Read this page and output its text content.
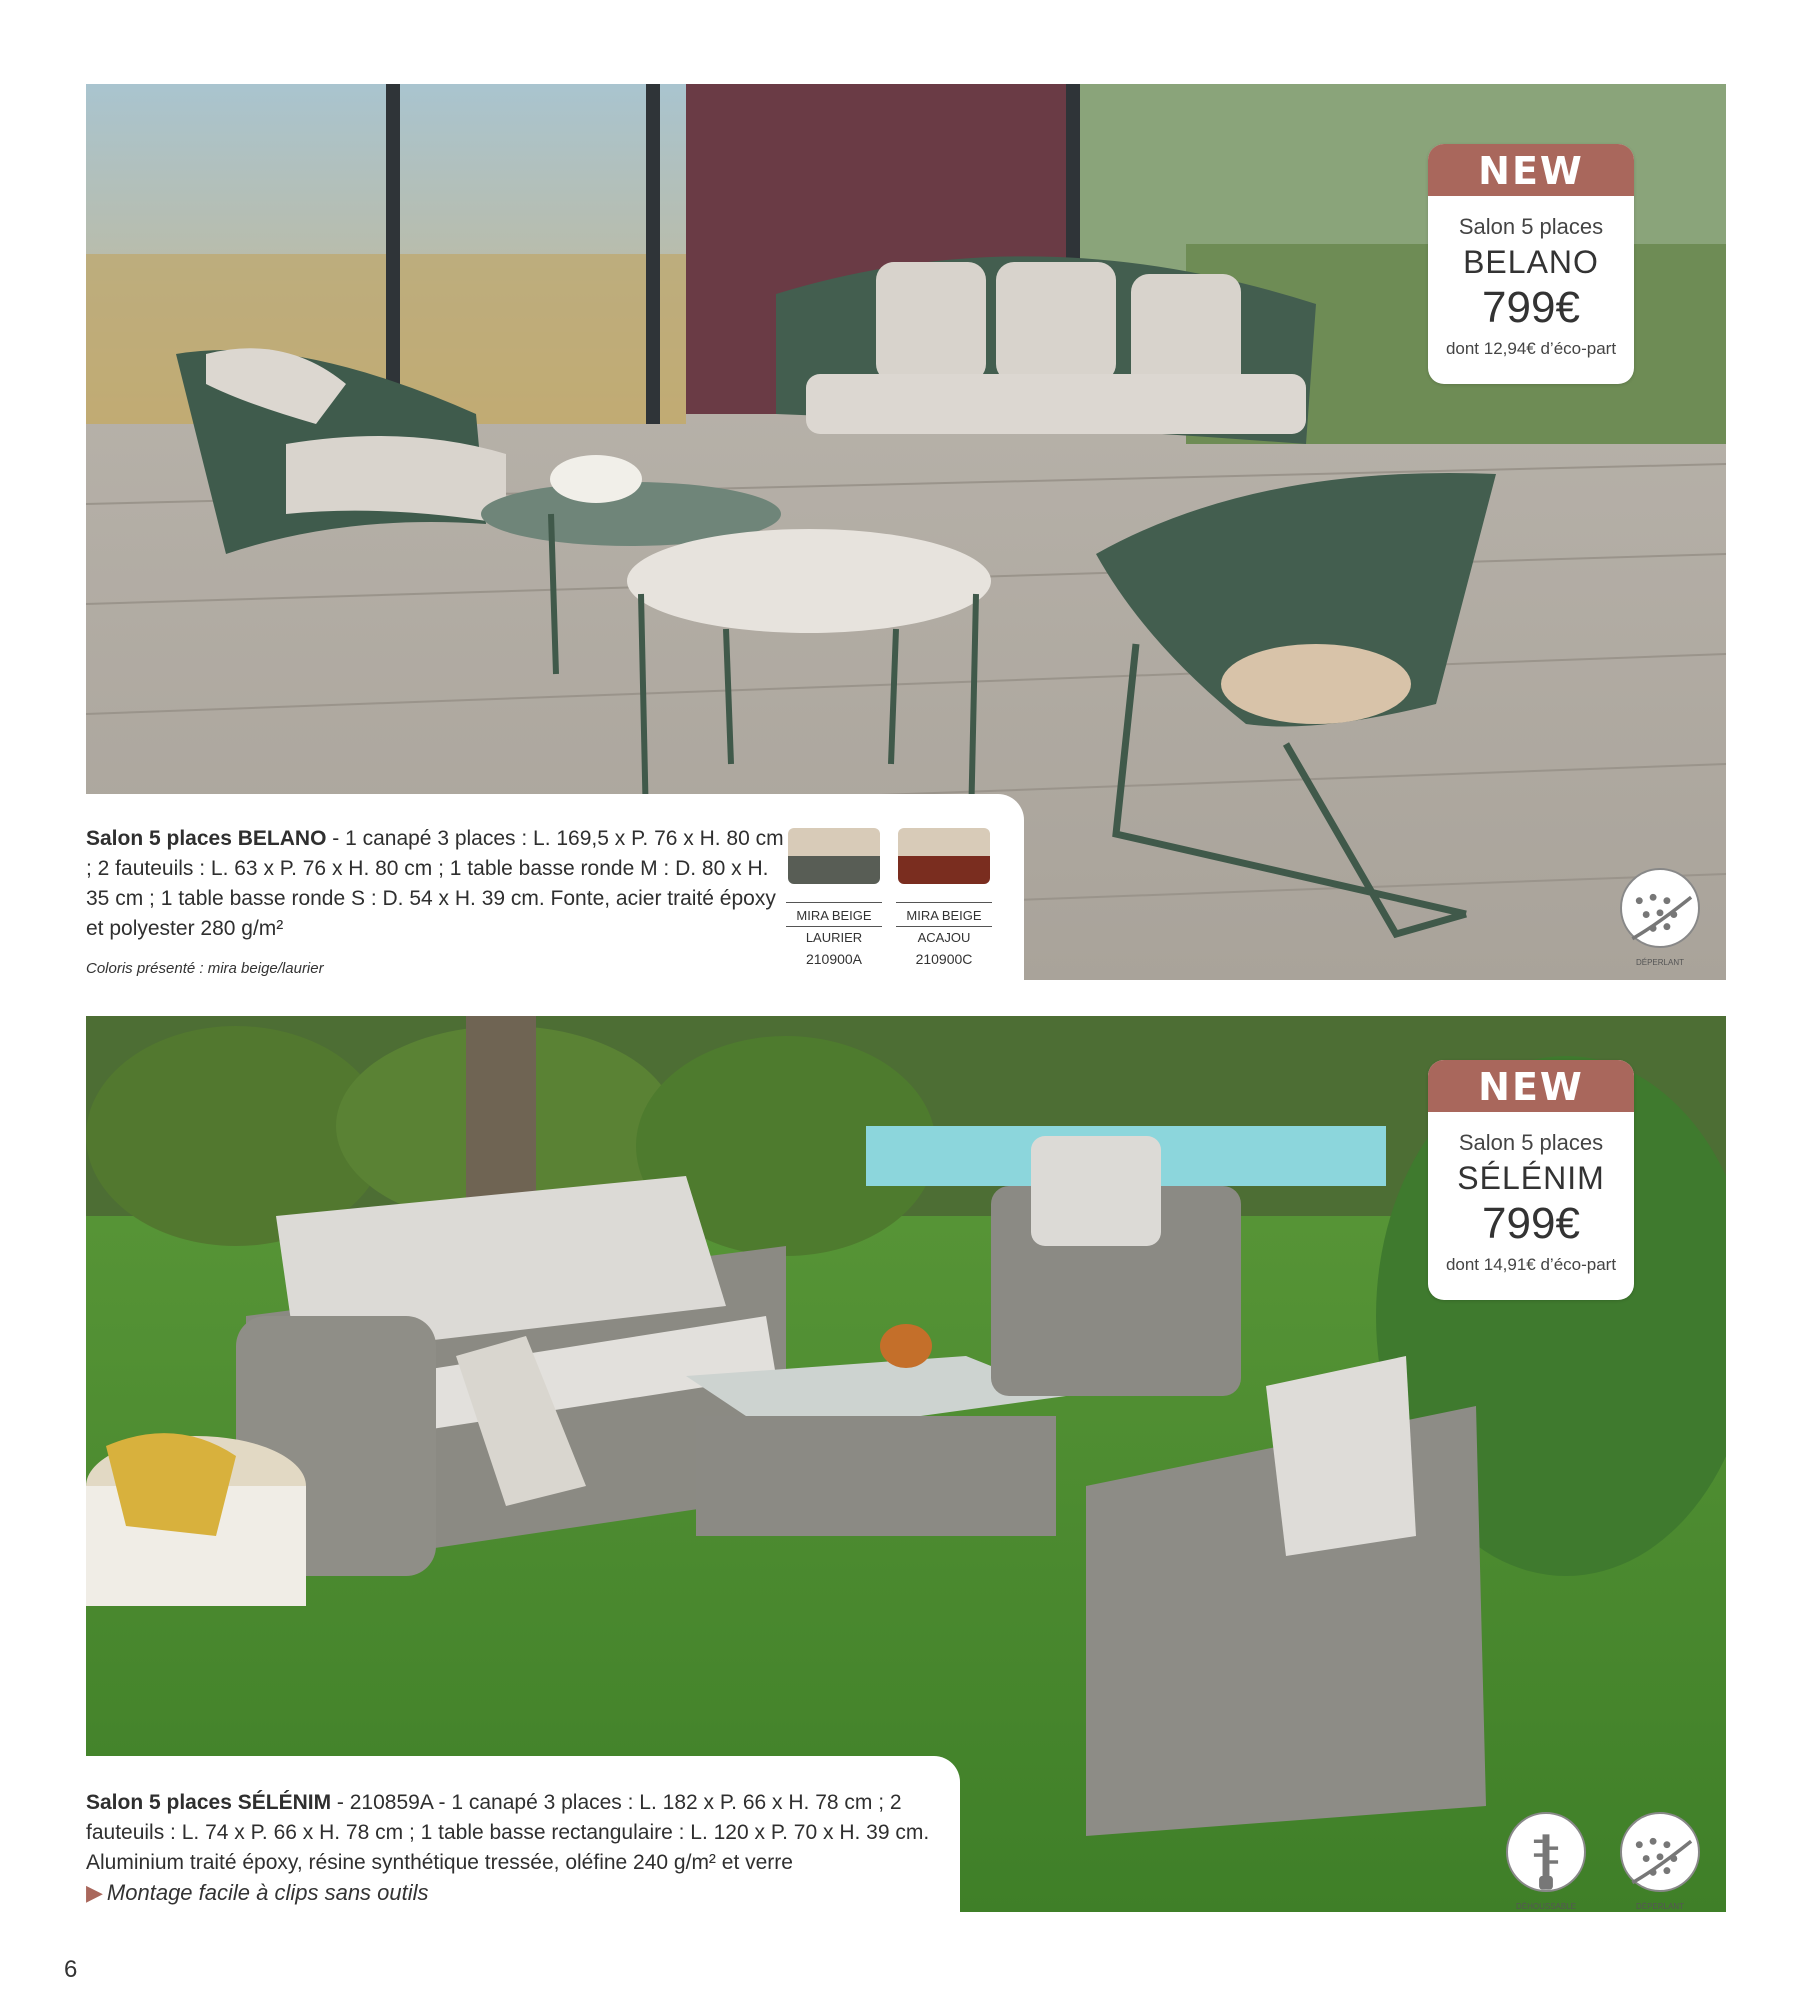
NEW
Salon 5 places
BELANO
799€
dont 12,94€ d’éco-part
DÉPERLANT
Salon 5 places BELANO - 1 canapé 3 places : L. 169,5 x P. 76 x H. 80 cm ; 2 fauteuils : L. 63 x P. 76 x H. 80 cm ; 1 table basse ronde M : D. 80 x H. 35 cm ; 1 table basse ronde S : D. 54 x H. 39 cm. Fonte, acier traité époxy et polyester 280 g/m²
Coloris présenté : mira beige/laurier
MIRA BEIGE
LAURIER
210900A
MIRA BEIGE
ACAJOU
210900C
NEW
Salon 5 places
SÉLÉNIM
799€
dont 14,91€ d’éco-part
DÉHOUSSABLE	DÉPERLANT
Salon 5 places SÉLÉNIM - 210859A - 1 canapé 3 places : L. 182 x P. 66 x H. 78 cm ; 2 fauteuils : L. 74 x P. 66 x H. 78 cm ; 1 table basse rectangulaire : L. 120 x P. 70 x H. 39 cm. Aluminium traité époxy, résine synthétique tressée, oléfine 240 g/m² et verre
▶ Montage facile à clips sans outils
6
